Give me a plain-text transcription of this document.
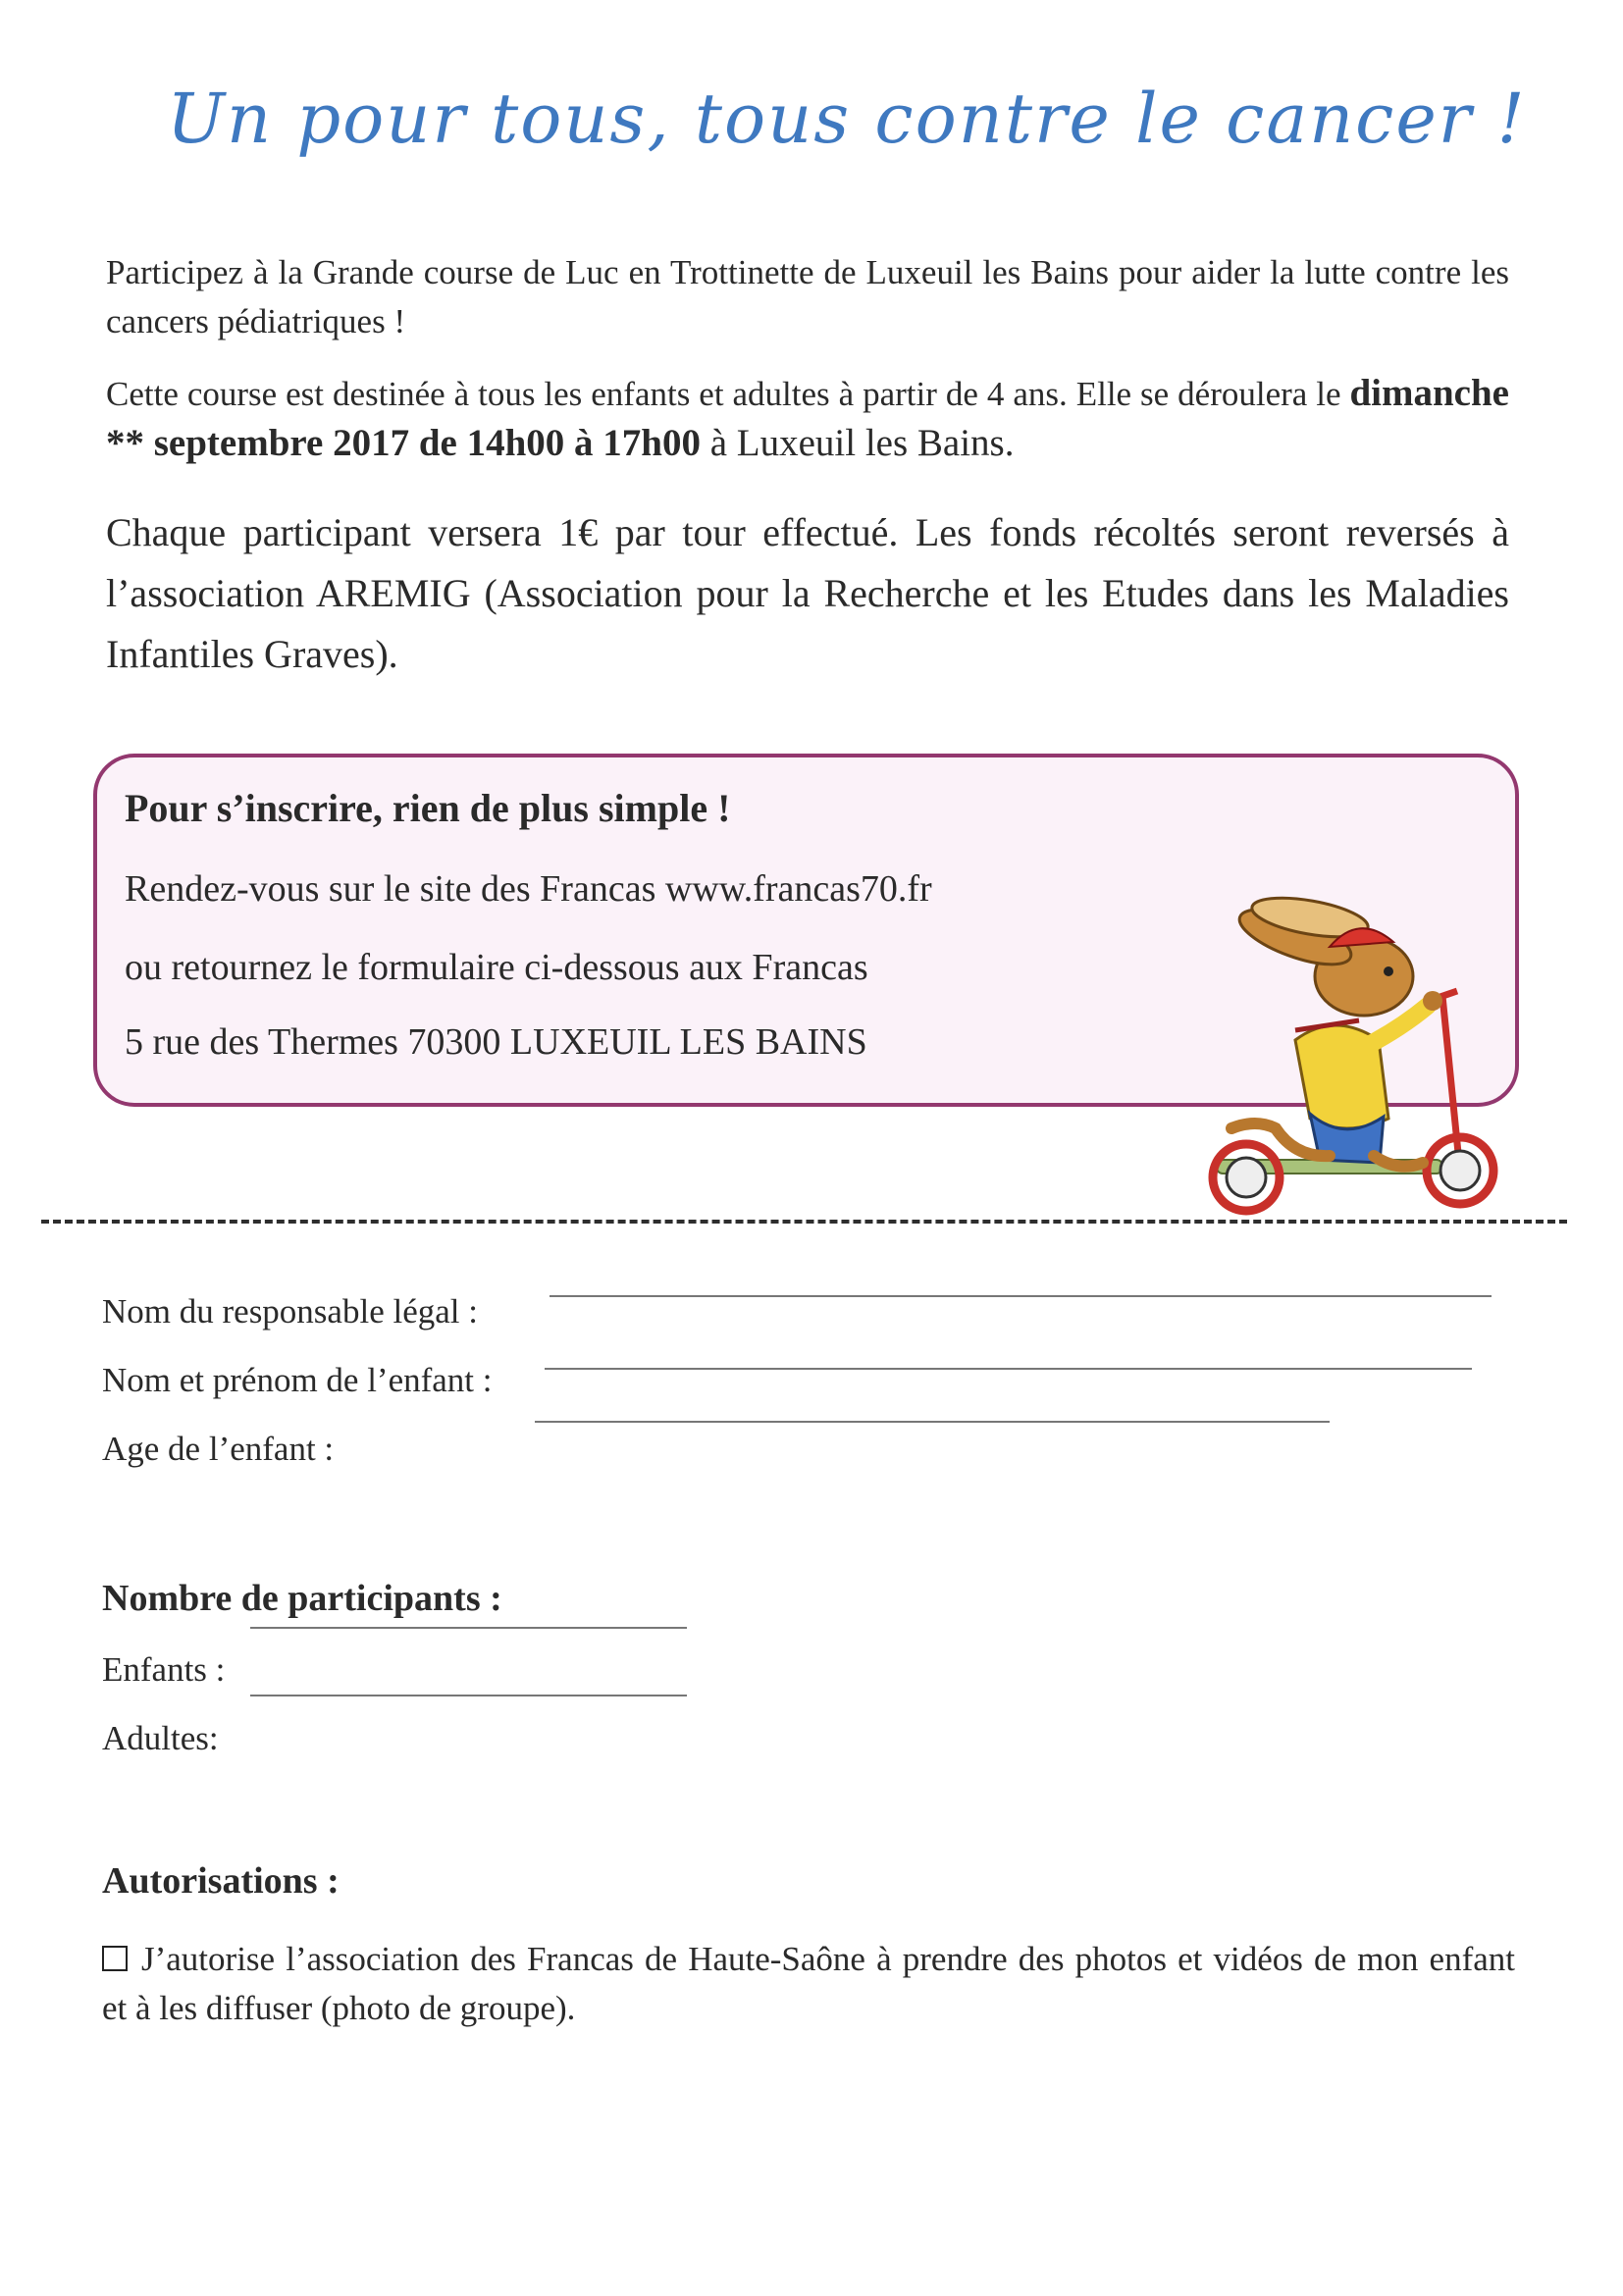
Un pour tous, tous contre le cancer !
Participez à la Grande course de Luc en Trottinette de Luxeuil les Bains pour aider la lutte contre les cancers pédiatriques !
Cette course est destinée à tous les enfants et adultes à partir de 4 ans. Elle se déroulera le dimanche ** septembre 2017 de 14h00 à 17h00 à Luxeuil les Bains.
Chaque participant versera 1€ par tour effectué. Les fonds récoltés seront reversés à l’association AREMIG (Association pour la Recherche et les Etudes dans les Maladies Infantiles Graves).
Pour s’inscrire, rien de plus simple !
Rendez-vous sur le site des Francas www.francas70.fr
ou retournez le formulaire ci-dessous aux Francas
5 rue des Thermes 70300 LUXEUIL LES BAINS
Nom du responsable légal :
Nom et prénom de l’enfant :
Age de l’enfant :
Nombre de participants :
Enfants :
Adultes:
Autorisations :
J’autorise l’association des Francas de Haute-Saône à prendre des photos et vidéos de mon enfant et à les diffuser (photo de groupe).
